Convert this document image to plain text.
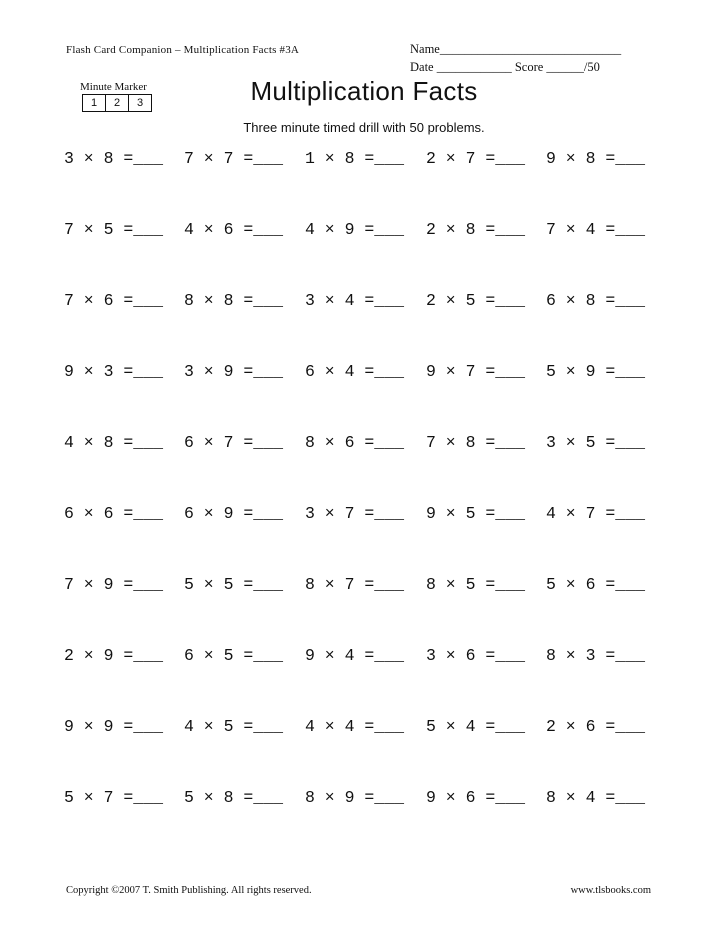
Flash Card Companion – Multiplication Facts #3A	Name_____________________________
Date ____________ Score ______/50
Minute Marker
1	2	3	Multiplication Facts
Three minute timed drill with 50 problems.
3 × 8 =___	7 × 7 =___	1 × 8 =___	2 × 7 =___	9 × 8 =___
7 × 5 =___	4 × 6 =___	4 × 9 =___	2 × 8 =___	7 × 4 =___
7 × 6 =___	8 × 8 =___	3 × 4 =___	2 × 5 =___	6 × 8 =___
9 × 3 =___	3 × 9 =___	6 × 4 =___	9 × 7 =___	5 × 9 =___
4 × 8 =___	6 × 7 =___	8 × 6 =___	7 × 8 =___	3 × 5 =___
6 × 6 =___	6 × 9 =___	3 × 7 =___	9 × 5 =___	4 × 7 =___
7 × 9 =___	5 × 5 =___	8 × 7 =___	8 × 5 =___	5 × 6 =___
2 × 9 =___	6 × 5 =___	9 × 4 =___	3 × 6 =___	8 × 3 =___
9 × 9 =___	4 × 5 =___	4 × 4 =___	5 × 4 =___	2 × 6 =___
5 × 7 =___	5 × 8 =___	8 × 9 =___	9 × 6 =___	8 × 4 =___
Copyright ©2007 T. Smith Publishing. All rights reserved.	www.tlsbooks.com
